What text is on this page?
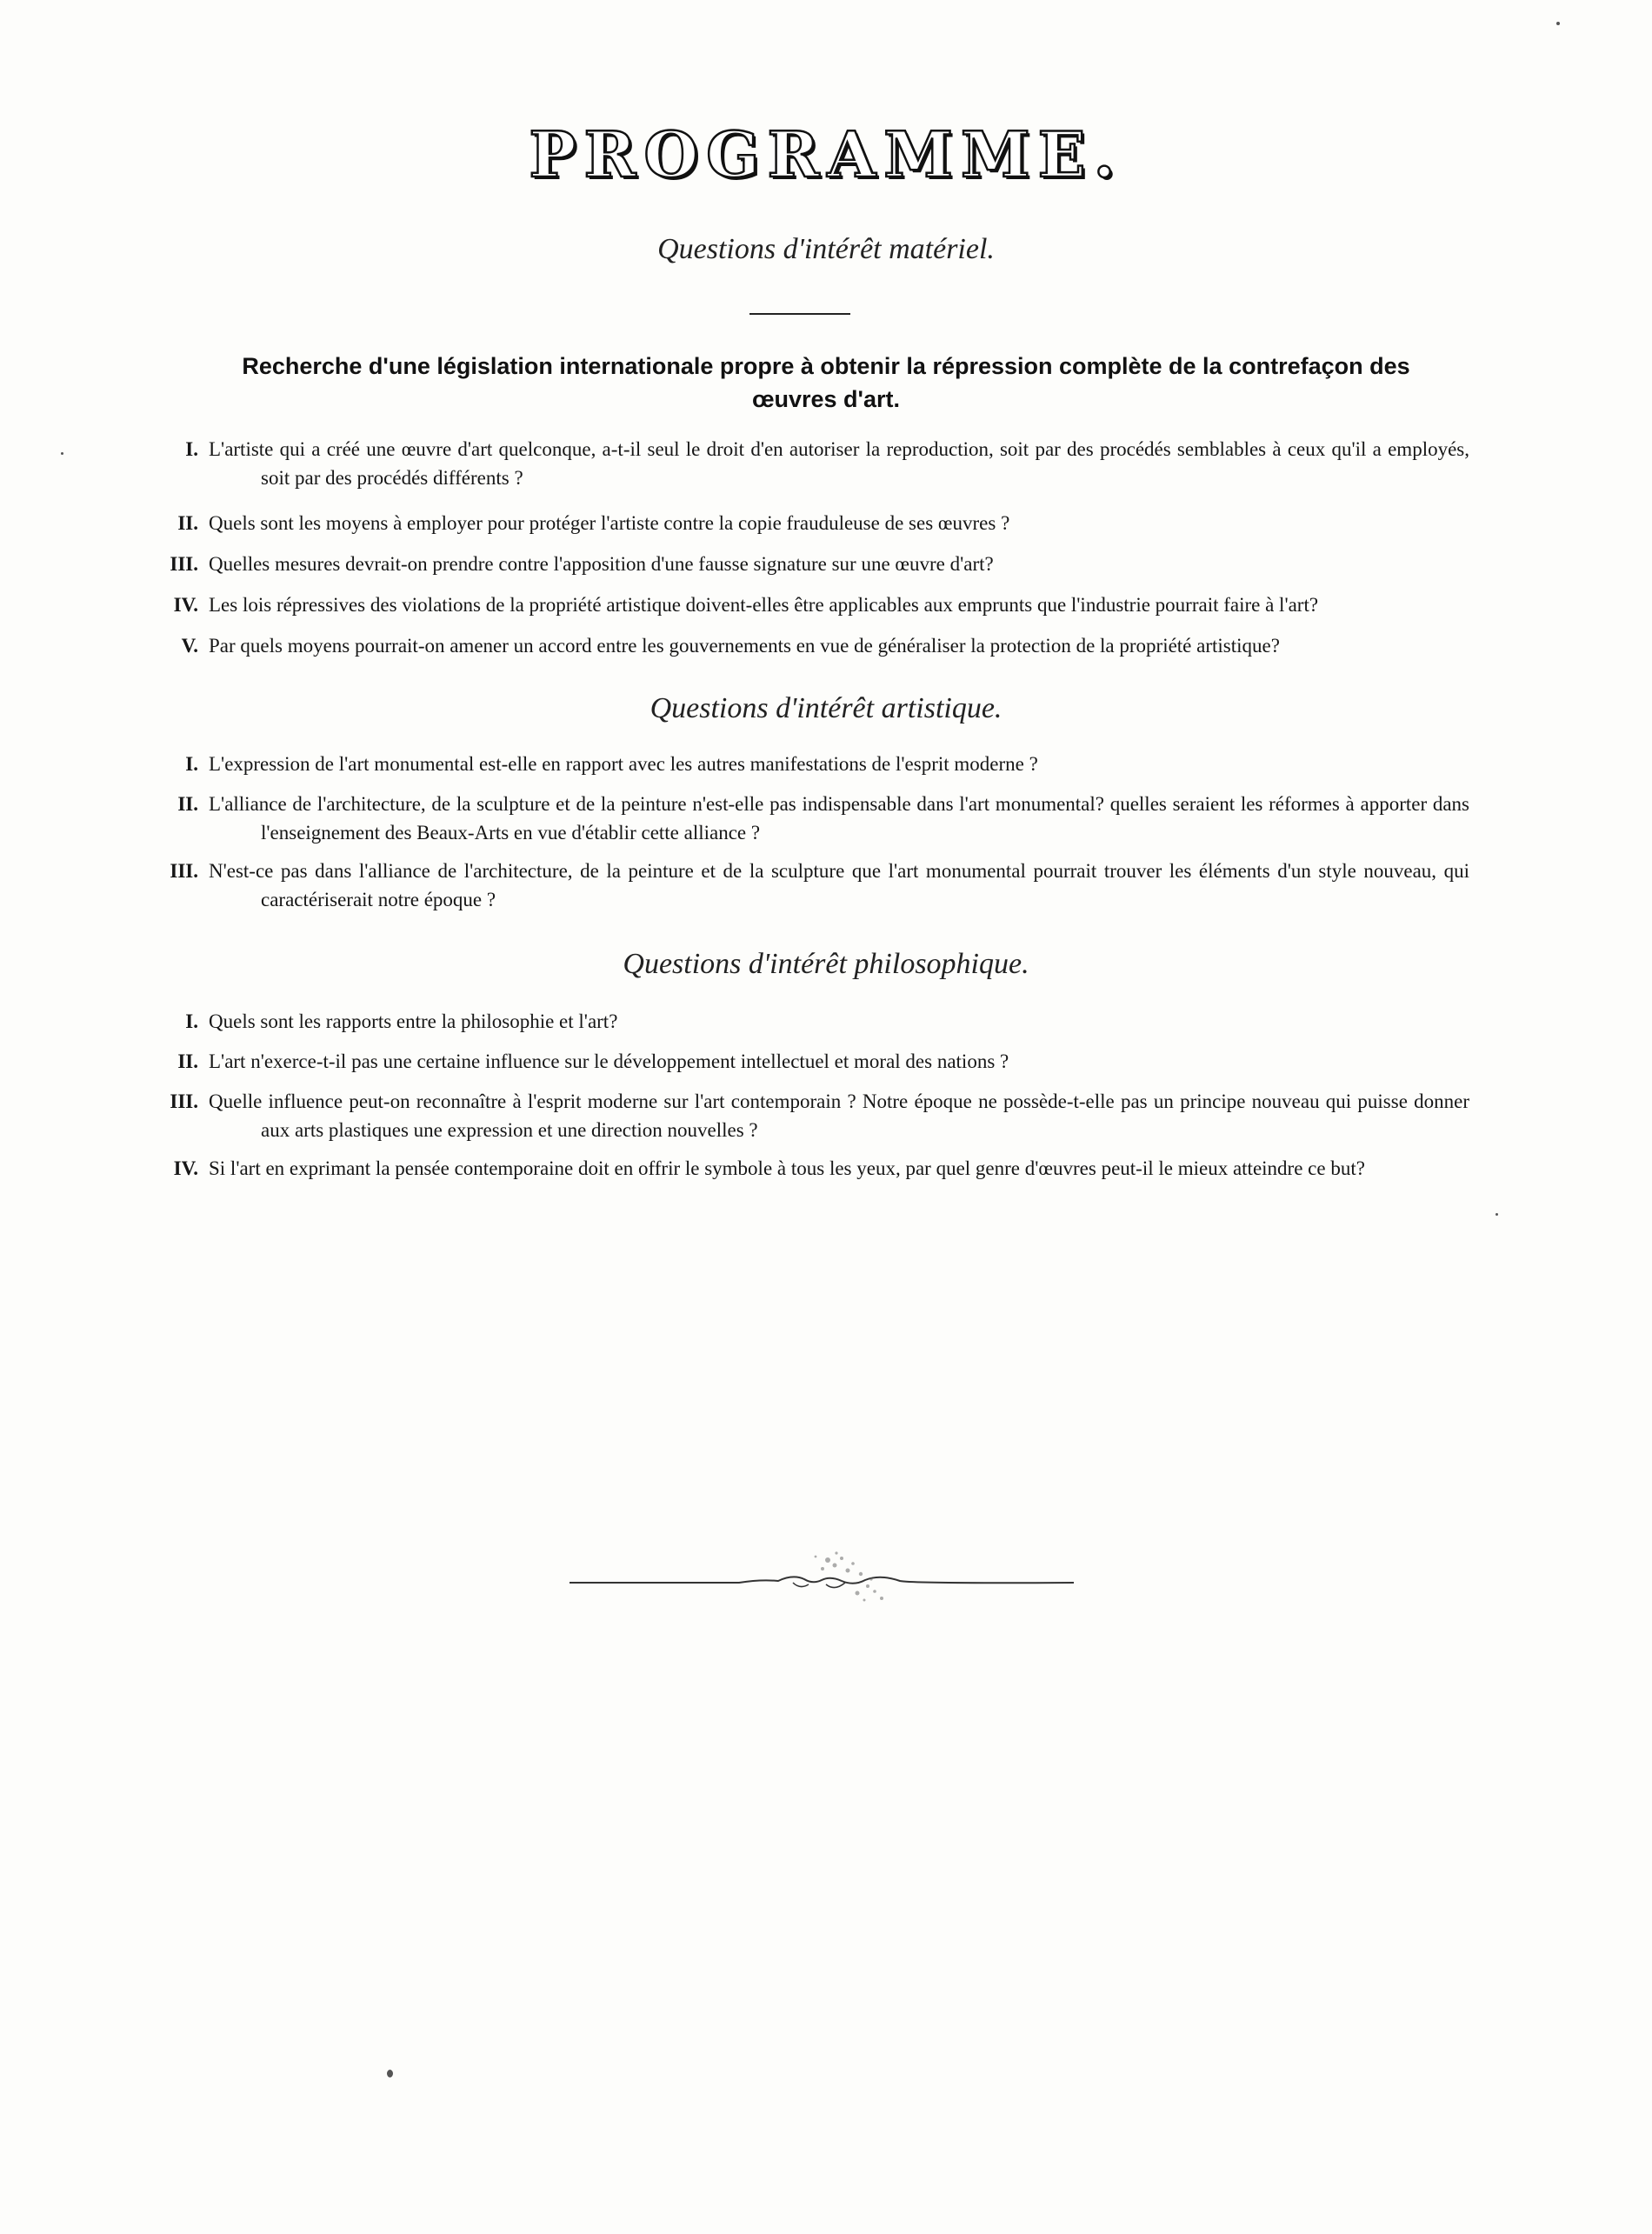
PROGRAMME.
Questions d'intérêt matériel.
Recherche d'une législation internationale propre à obtenir la répression complète de la contrefaçon des œuvres d'art.
I. L'artiste qui a créé une œuvre d'art quelconque, a-t-il seul le droit d'en autoriser la reproduction, soit par des procédés semblables à ceux qu'il a employés, soit par des procédés différents ?
II. Quels sont les moyens à employer pour protéger l'artiste contre la copie frauduleuse de ses œuvres ?
III. Quelles mesures devrait-on prendre contre l'apposition d'une fausse signature sur une œuvre d'art?
IV. Les lois répressives des violations de la propriété artistique doivent-elles être applicables aux emprunts que l'industrie pourrait faire à l'art?
V. Par quels moyens pourrait-on amener un accord entre les gouvernements en vue de généraliser la protection de la propriété artistique?
Questions d'intérêt artistique.
I. L'expression de l'art monumental est-elle en rapport avec les autres manifestations de l'esprit moderne ?
II. L'alliance de l'architecture, de la sculpture et de la peinture n'est-elle pas indispensable dans l'art monumental? quelles seraient les réformes à apporter dans l'enseignement des Beaux-Arts en vue d'établir cette alliance ?
III. N'est-ce pas dans l'alliance de l'architecture, de la peinture et de la sculpture que l'art monumental pourrait trouver les éléments d'un style nouveau, qui caractériserait notre époque ?
Questions d'intérêt philosophique.
I. Quels sont les rapports entre la philosophie et l'art?
II. L'art n'exerce-t-il pas une certaine influence sur le développement intellectuel et moral des nations ?
III. Quelle influence peut-on reconnaître à l'esprit moderne sur l'art contemporain ? Notre époque ne possède-t-elle pas un principe nouveau qui puisse donner aux arts plastiques une expression et une direction nouvelles ?
IV. Si l'art en exprimant la pensée contemporaine doit en offrir le symbole à tous les yeux, par quel genre d'œuvres peut-il le mieux atteindre ce but?
